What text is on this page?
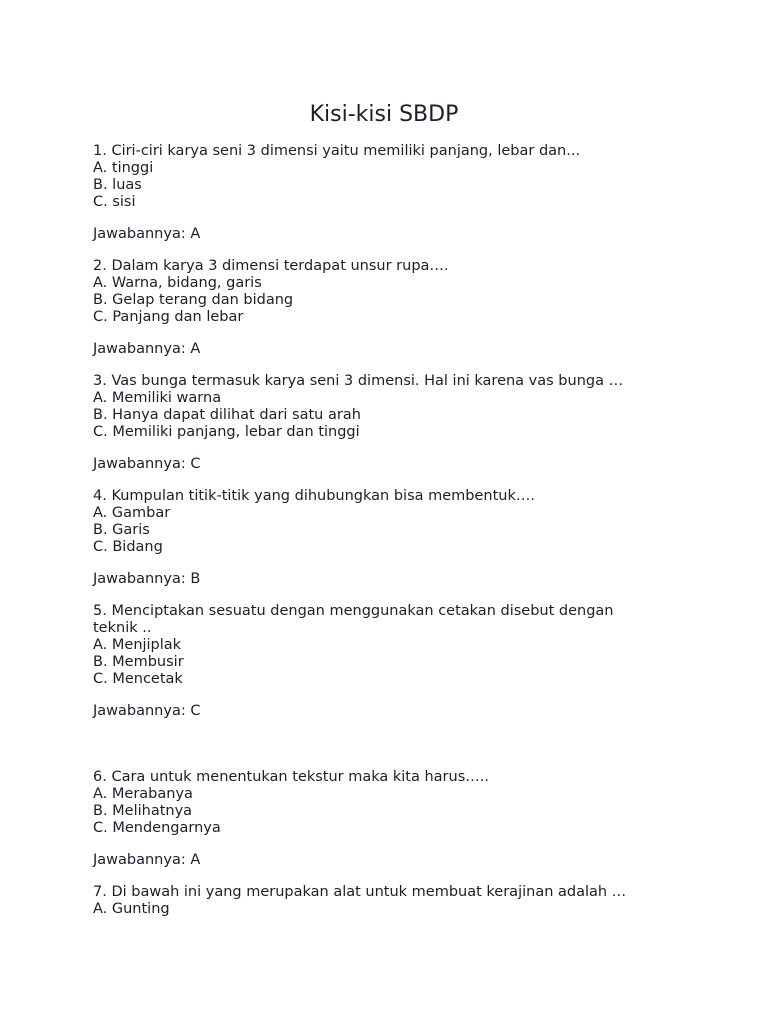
Kisi-kisi SBDP
1. Ciri-ciri karya seni 3 dimensi yaitu memiliki panjang, lebar dan...
A. tinggi
B. luas
C. sisi
Jawabannya: A
2. Dalam karya 3 dimensi terdapat unsur rupa….
A. Warna, bidang, garis
B. Gelap terang dan bidang
C. Panjang dan lebar
Jawabannya: A
3. Vas bunga termasuk karya seni 3 dimensi. Hal ini karena vas bunga …
A. Memiliki warna
B. Hanya dapat dilihat dari satu arah
C. Memiliki panjang, lebar dan tinggi
Jawabannya: C
4. Kumpulan titik-titik yang dihubungkan bisa membentuk….
A. Gambar
B. Garis
C. Bidang
Jawabannya: B
5. Menciptakan sesuatu dengan menggunakan cetakan disebut dengan
teknik ..
A. Menjiplak
B. Membusir
C. Mencetak
Jawabannya: C
6. Cara untuk menentukan tekstur maka kita harus…..
A. Merabanya
B. Melihatnya
C. Mendengarnya
Jawabannya: A
7. Di bawah ini yang merupakan alat untuk membuat kerajinan adalah …
A. Gunting
